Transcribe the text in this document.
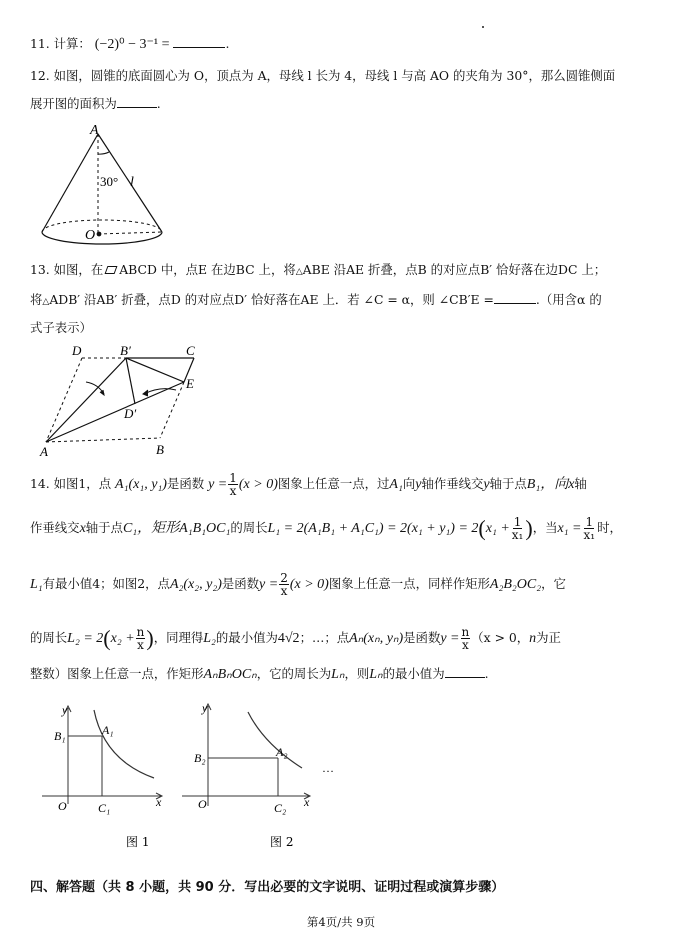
11. 计算： (−2)⁰ − 3⁻¹ =	.
12. 如图，圆锥的底面圆心为 O，顶点为 A，母线 l 长为 4，母线 l 与高 AO 的夹角为 30°，那么圆锥侧面
展开图的面积为	.
A
30° l
O
13. 如图，在 ABCD 中，点E 在边BC 上，将△ABE 沿AE 折叠，点B 的对应点B′ 恰好落在边DC 上；
将△ADB′ 沿AB′ 折叠，点D 的对应点D′ 恰好落在AE 上．若 ∠C = α，则 ∠CB′E =	.（用含α 的
式子表示）
D	B′	C
E
D′
A	B
14. 如图1，点 A₁(x₁, y₁)是函数 $y = \frac{1}{x} (x > 0)$图象上任意一点，过A₁向y轴作垂线交y轴于点B₁，向x轴
作垂线交x轴于点C₁，矩形A₁B₁OC₁的周长$L_1 = 2(A_1B_1 + A_1C_1) = 2(x_1 + y_1) = 2(x_1 + \frac{1}{\text{x₁}}$ )，当$x_1 = \frac{1}{\text{x₁}}$ 时，
L₁有最小值4；如图2，点A₂(x₂, y₂)是函数$y = \frac{2}{x} (x > 0)$图象上任意一点，同样作矩形A₂B₂OC₂，它
的周长$L_2 = 2(x_2 + \frac{n}{x}$ )，同理得L₂的最小值为4√2；…；点Aₙ(xₙ, yₙ)是函数$y = \frac{n}{x} (x > 0$，n为正
整数）图象上任意一点，作矩形AₙBₙOCₙ，它的周长为Lₙ，则Lₙ的最小值为	.
y
x
O
B₁	A₁
C₁
图 1
y
x
O
B₂	A₂
C₂
…
图 2
四、解答题（共 8 小题，共 90 分．写出必要的文字说明、证明过程或演算步骤）
第4页/共 9页
